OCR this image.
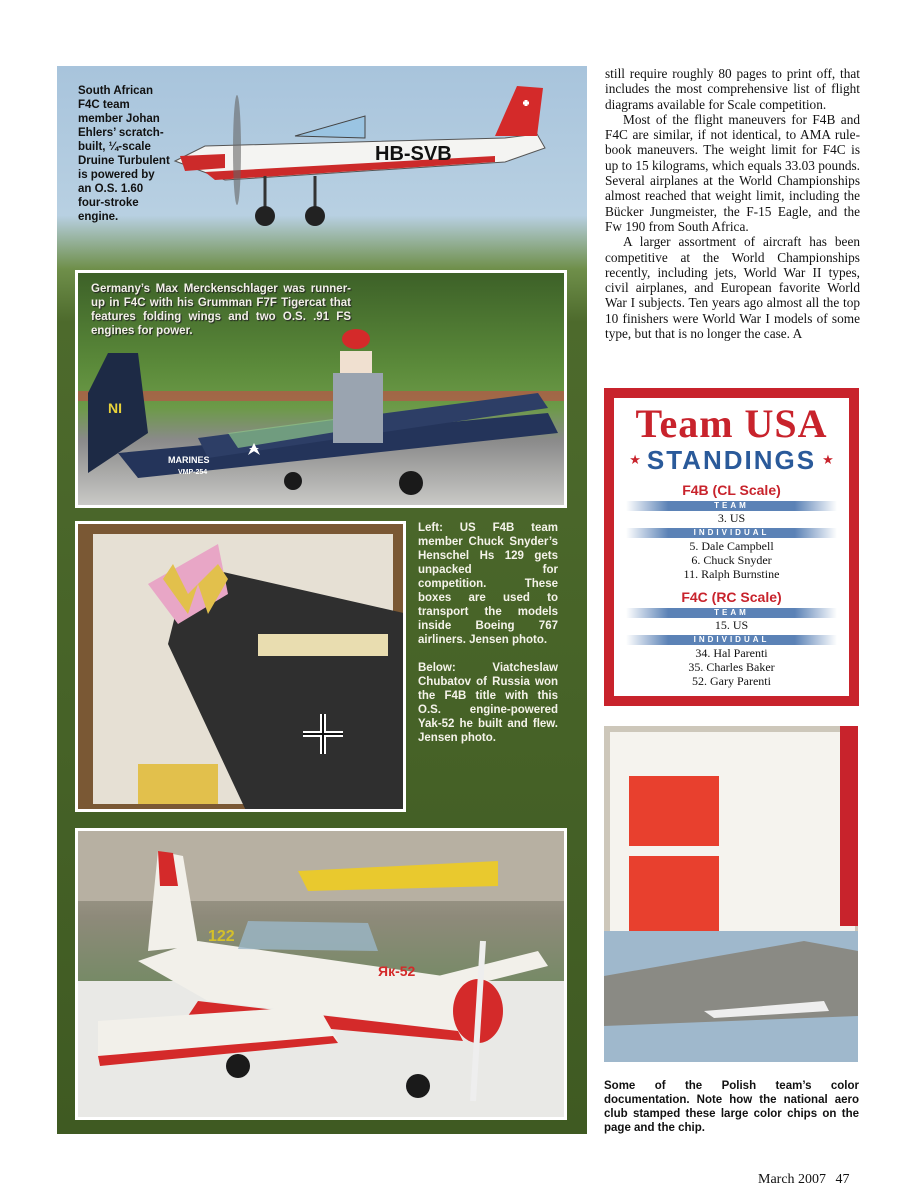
South African F4C team member Johan Ehlers’ scratch-built, ¼-scale Druine Turbulent is powered by an O.S. 1.60 four-stroke engine.
HB-SVB
NI
MARINES
VMP-254
Germany’s Max Merckenschlager was runner-up in F4C with his Grumman F7F Tigercat that features folding wings and two O.S. .91 FS engines for power.

Left: US F4B team member Chuck Snyder’s Henschel Hs 129 gets unpacked for competition. These boxes are used to transport the models inside Boeing 767 airliners. Jensen photo.

Below: Viatcheslaw Chubatov of Russia won the F4B title with this O.S. engine-powered Yak-52 he built and flew. Jensen photo.

122
Як-52

still require roughly 80 pages to print off, that includes the most comprehensive list of flight diagrams available for Scale competition.

Most of the flight maneuvers for F4B and F4C are similar, if not identical, to AMA rule-book maneuvers. The weight limit for F4C is up to 15 kilograms, which equals 33.03 pounds. Several airplanes at the World Championships almost reached that weight limit, including the Bücker Jungmeister, the F-15 Eagle, and the Fw 190 from South Africa.

A larger assortment of aircraft has been competitive at the World Championships recently, including jets, World War II types, civil airplanes, and European favorite World War I subjects. Ten years ago almost all the top 10 finishers were World War I models of some type, but that is no longer the case. A

Team USA
★ STANDINGS ★
F4B (CL Scale)
TEAM
3. US
INDIVIDUAL
5. Dale Campbell
6. Chuck Snyder
11. Ralph Burnstine
F4C (RC Scale)
TEAM
15. US
INDIVIDUAL
34. Hal Parenti
35. Charles Baker
52. Gary Parenti
Some of the Polish team’s color documentation. Note how the national aero club stamped these large color chips on the page and the chip.
March 2007 47
